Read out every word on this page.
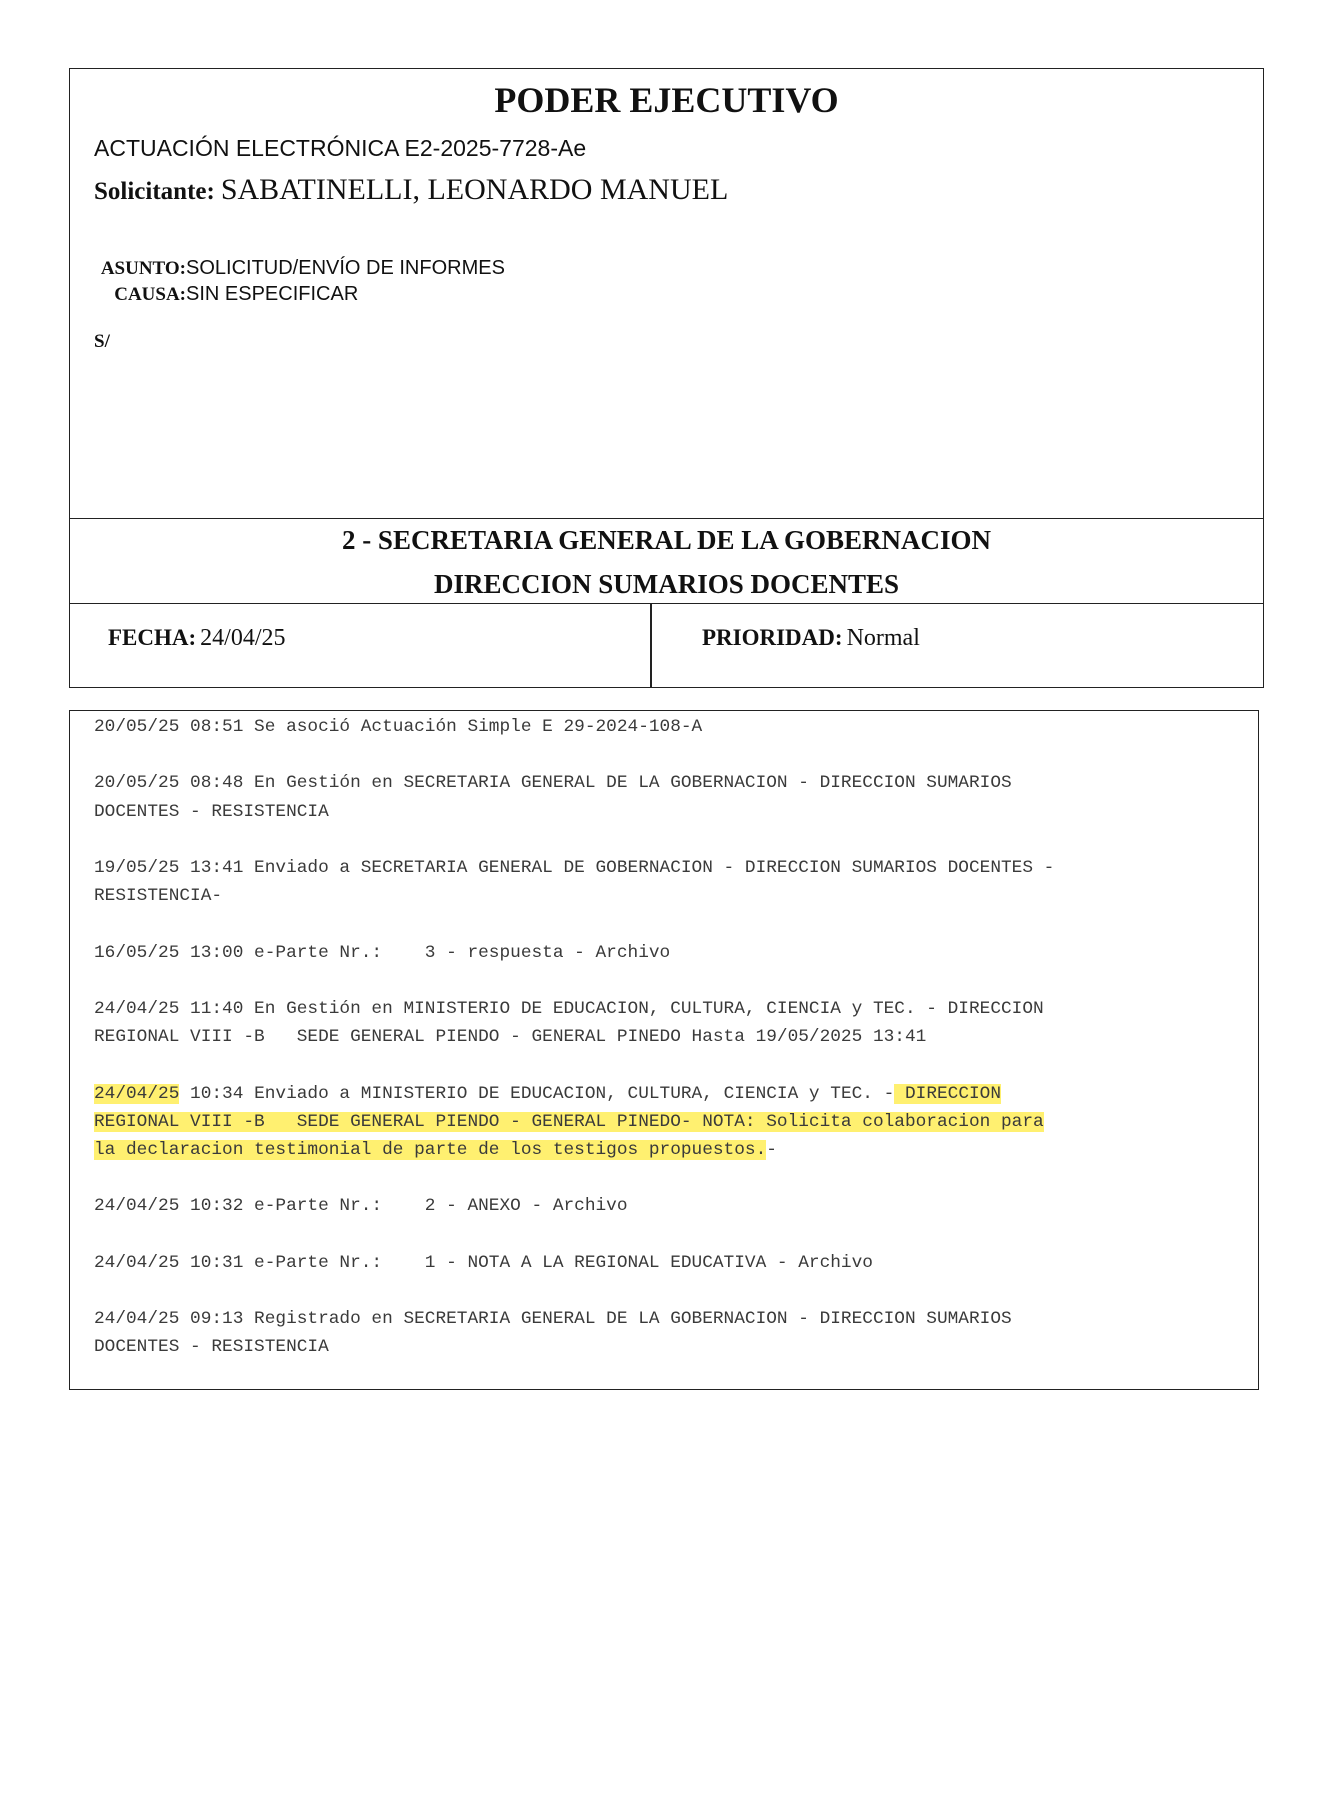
PODER EJECUTIVO
ACTUACIÓN ELECTRÓNICA E2-2025-7728-Ae
Solicitante: SABATINELLI, LEONARDO MANUEL
ASUNTO:SOLICITUD/ENVÍO DE INFORMES
CAUSA:SIN ESPECIFICAR
S/
2 - SECRETARIA GENERAL DE LA GOBERNACION
DIRECCION SUMARIOS DOCENTES
FECHA: 24/04/25	PRIORIDAD: Normal
20/05/25 08:51 Se asoció Actuación Simple E 29-2024-108-A

20/05/25 08:48 En Gestión en SECRETARIA GENERAL DE LA GOBERNACION - DIRECCION SUMARIOS
DOCENTES - RESISTENCIA

19/05/25 13:41 Enviado a SECRETARIA GENERAL DE GOBERNACION - DIRECCION SUMARIOS DOCENTES -
RESISTENCIA-

16/05/25 13:00 e-Parte Nr.:    3 - respuesta - Archivo

24/04/25 11:40 En Gestión en MINISTERIO DE EDUCACION, CULTURA, CIENCIA y TEC. - DIRECCION
REGIONAL VIII -B   SEDE GENERAL PIENDO - GENERAL PINEDO Hasta 19/05/2025 13:41

24/04/25 10:34 Enviado a MINISTERIO DE EDUCACION, CULTURA, CIENCIA y TEC. - DIRECCION
REGIONAL VIII -B   SEDE GENERAL PIENDO - GENERAL PINEDO- NOTA: Solicita colaboracion para
la declaracion testimonial de parte de los testigos propuestos.-

24/04/25 10:32 e-Parte Nr.:    2 - ANEXO - Archivo

24/04/25 10:31 e-Parte Nr.:    1 - NOTA A LA REGIONAL EDUCATIVA - Archivo

24/04/25 09:13 Registrado en SECRETARIA GENERAL DE LA GOBERNACION - DIRECCION SUMARIOS
DOCENTES - RESISTENCIA
